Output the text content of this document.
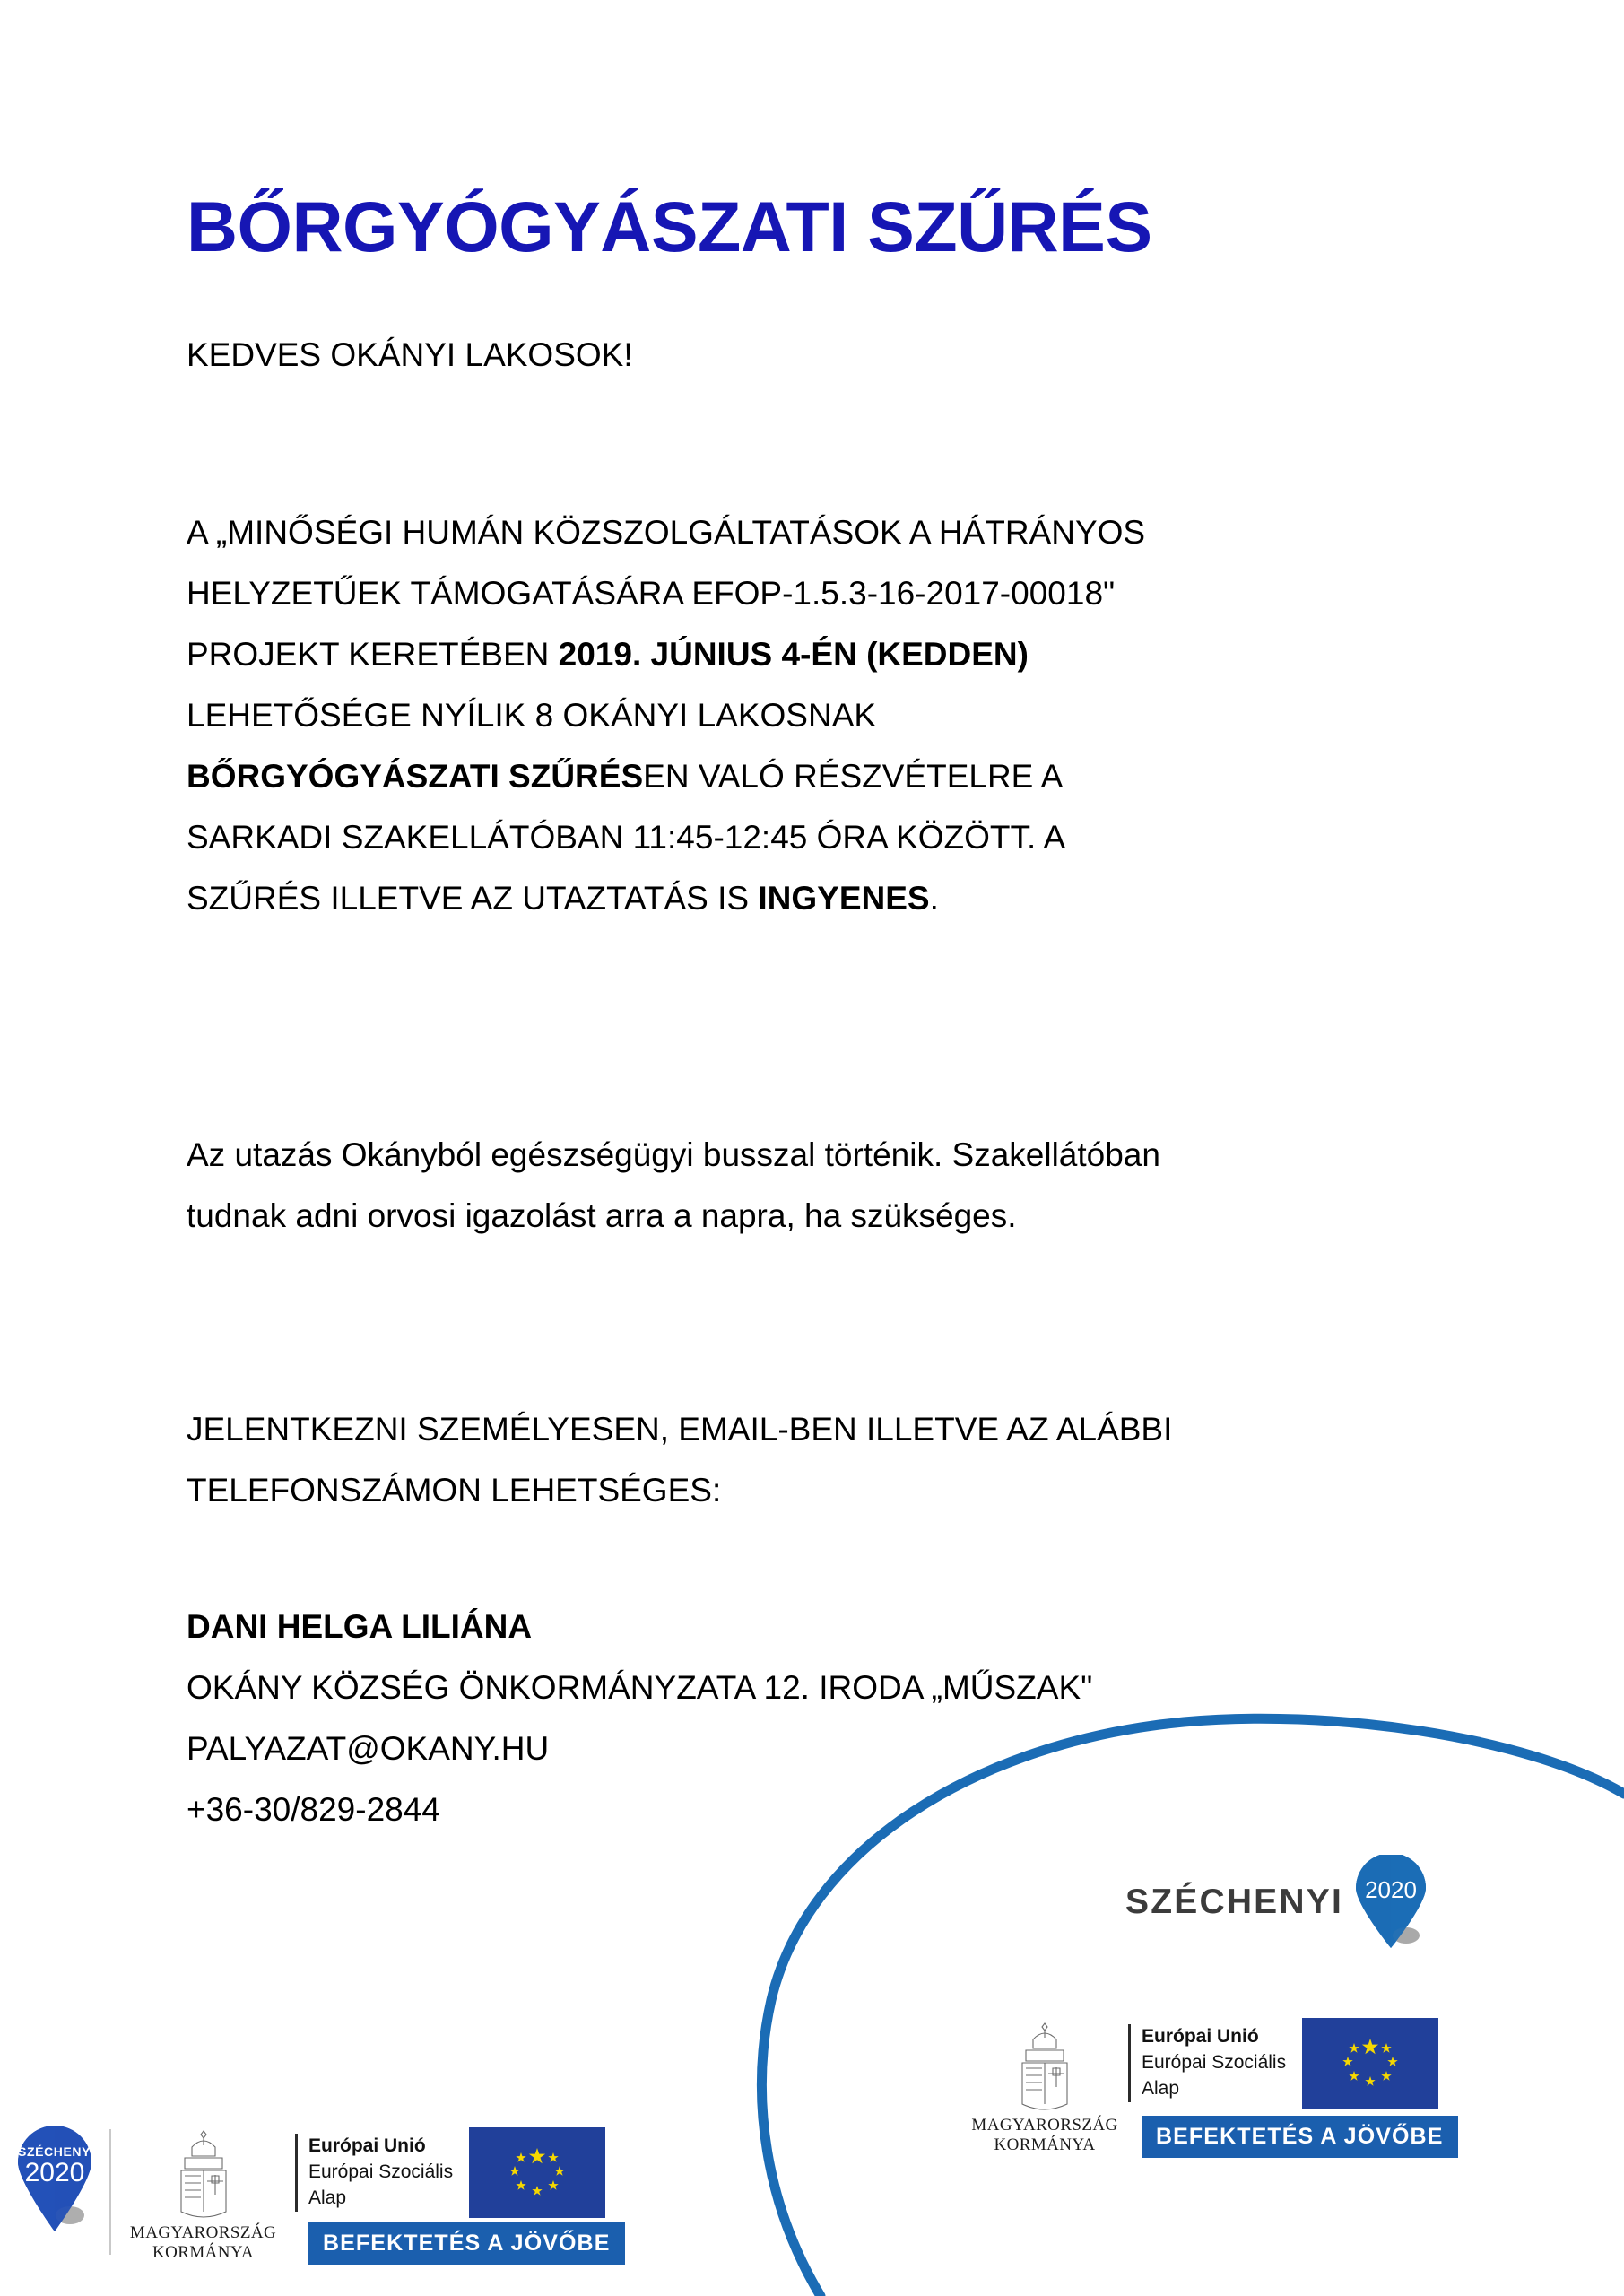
BŐRGYÓGYÁSZATI SZŰRÉS
KEDVES OKÁNYI LAKOSOK!
A „MINŐSÉGI HUMÁN KÖZSZOLGÁLTATÁSOK A HÁTRÁNYOS
HELYZETŰEK TÁMOGATÁSÁRA EFOP-1.5.3-16-2017-00018"
PROJEKT KERETÉBEN 2019. JÚNIUS 4-ÉN (KEDDEN)
LEHETŐSÉGE NYÍLIK 8 OKÁNYI LAKOSNAK
BŐRGYÓGYÁSZATI SZŰRÉSEN VALÓ RÉSZVÉTELRE A
SARKADI SZAKELLÁTÓBAN 11:45-12:45 ÓRA KÖZÖTT. A
SZŰRÉS ILLETVE AZ UTAZTATÁS IS INGYENES.
Az utazás Okányból egészségügyi busszal történik. Szakellátóban
tudnak adni orvosi igazolást arra a napra, ha szükséges.
JELENTKEZNI SZEMÉLYESEN, EMAIL-BEN ILLETVE AZ ALÁBBI
TELEFONSZÁMON LEHETSÉGES:
DANI HELGA LILIÁNA
OKÁNY KÖZSÉG ÖNKORMÁNYZATA 12. IRODA „MŰSZAK"
PALYAZAT@OKANY.HU
+36-30/829-2844
SZÉCHENYI 2020
MAGYARORSZÁG
KORMÁNYA
Európai Unió
Európai Szociális
Alap
BEFEKTETÉS A JÖVŐBE
SZÉCHENYI
2020
MAGYARORSZÁG
KORMÁNYA
Európai Unió
Európai Szociális
Alap
BEFEKTETÉS A JÖVŐBE
